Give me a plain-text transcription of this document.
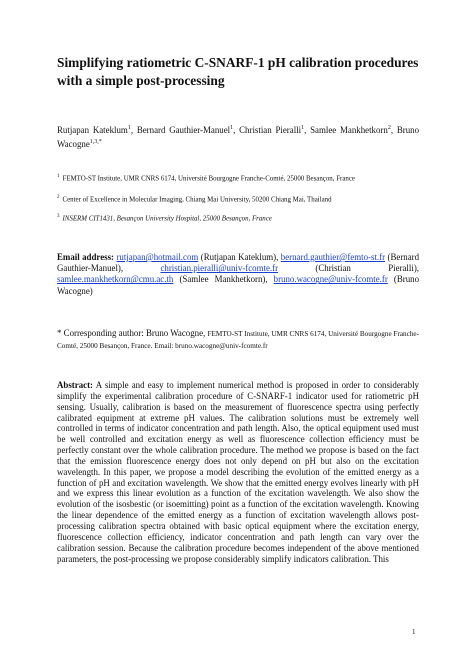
Simplifying ratiometric C-SNARF-1 pH calibration procedures with a simple post-processing
Rutjapan Kateklum$^1$, Bernard Gauthier-Manuel$^1$, Christian Pieralli$^1$, Samlee Mankhetkorn$^2$, Bruno Wacogne$^{1,3,*}$
$^1$ FEMTO-ST Institute, UMR CNRS 6174, Université Bourgogne Franche-Comté, 25000 Besançon, France
$^2$ Center of Excellence in Molecular Imaging, Chiang Mai University, 50200 Chiang Mai, Thailand
$^3$ INSERM CIT1431, Besançon University Hospital, 25000 Besançon, France
Email address: rutjapan@hotmail.com (Rutjapan Kateklum), bernard.gauthier@femto-st.fr (Bernard Gauthier-Manuel), christian.pieralli@univ-fcomte.fr	(Christian Pieralli), samlee.mankhetkorn@cmu.ac.th (Samlee Mankhetkorn), bruno.wacogne@univ-fcomte.fr (Bruno Wacogne)
* Corresponding author: Bruno Wacogne, FEMTO-ST Institute, UMR CNRS 6174, Université Bourgogne Franche-Comté, 25000 Besançon, France. Email: bruno.wacogne@univ-fcomte.fr
Abstract: A simple and easy to implement numerical method is proposed in order to considerably simplify the experimental calibration procedure of C-SNARF-1 indicator used for ratiometric pH sensing. Usually, calibration is based on the measurement of fluorescence spectra using perfectly calibrated equipment at extreme pH values. The calibration solutions must be extremely well controlled in terms of indicator concentration and path length. Also, the optical equipment used must be well controlled and excitation energy as well as fluorescence collection efficiency must be perfectly constant over the whole calibration procedure. The method we propose is based on the fact that the emission fluorescence energy does not only depend on pH but also on the excitation wavelength. In this paper, we propose a model describing the evolution of the emitted energy as a function of pH and excitation wavelength. We show that the emitted energy evolves linearly with pH and we express this linear evolution as a function of the excitation wavelength. We also show the evolution of the isosbestic (or isoemitting) point as a function of the excitation wavelength. Knowing the linear dependence of the emitted energy as a function of excitation wavelength allows post-processing calibration spectra obtained with basic optical equipment where the excitation energy, fluorescence collection efficiency, indicator concentration and path length can vary over the calibration session. Because the calibration procedure becomes independent of the above mentioned parameters, the post-processing we propose considerably simplify indicators calibration. This
1
